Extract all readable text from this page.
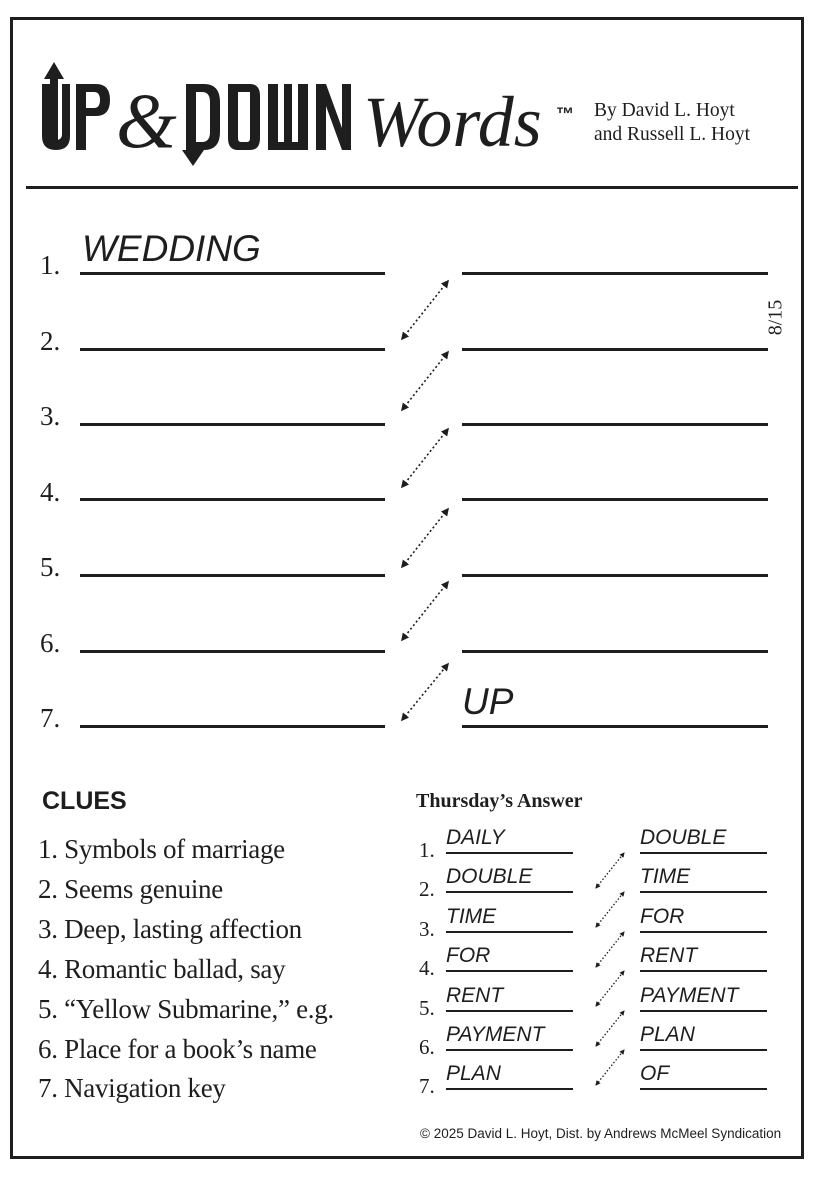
&	Words ™ By David L. Hoyt
and Russell L. Hoyt
8/15
1. WEDDING
2.
3.
4.
5.
6.
7.	UP
CLUES
1. Symbols of marriage
2. Seems genuine
3. Deep, lasting affection
4. Romantic ballad, say
5. “Yellow Submarine,” e.g.
6. Place for a book’s name
7. Navigation key
Thursday’s Answer
1.
DAILY	DOUBLE
2.
DOUBLE	TIME
3.
TIME	FOR
4.
FOR	RENT
5.
RENT	PAYMENT
6.
PAYMENT	PLAN
7.
PLAN	OF
© 2025 David L. Hoyt, Dist. by Andrews McMeel Syndication
